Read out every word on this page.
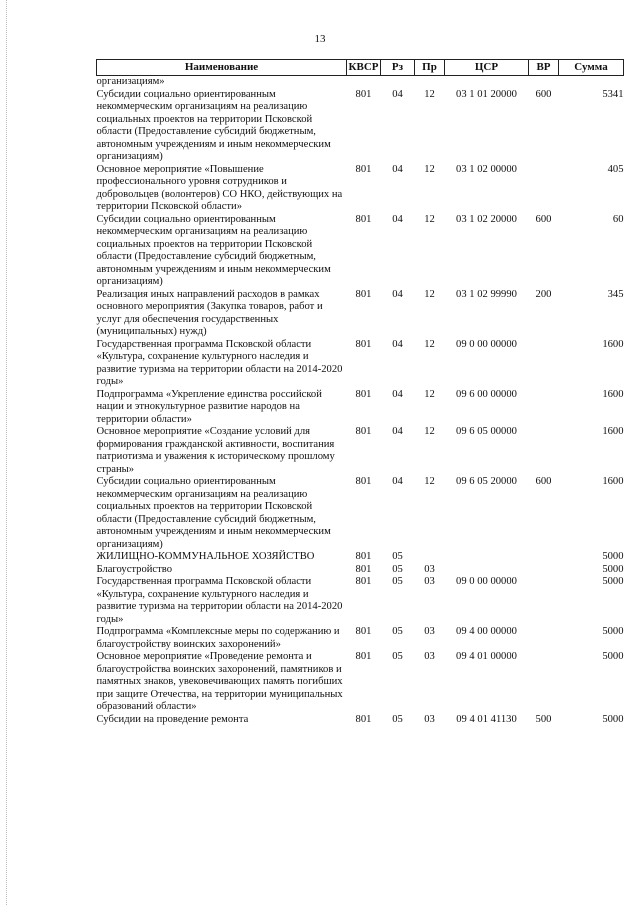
13
Наименование	КВСР	Рз	Пр	ЦСР	ВР	Сумма
организациям»						
Субсидии социально ориентированным некоммерческим организациям на реализацию социальных проектов на территории Псковской области (Предоставление субсидий бюджетным, автономным учреждениям и иным некоммерческим организациям)	801	04	12	03 1 01 20000	600	5341
Основное мероприятие «Повышение профессионального уровня сотрудников и добровольцев (волонтеров) СО НКО, действующих на территории Псковской области»	801	04	12	03 1 02 00000		405
Субсидии социально ориентированным некоммерческим организациям на реализацию социальных проектов на территории Псковской области (Предоставление субсидий бюджетным, автономным учреждениям и иным некоммерческим организациям)	801	04	12	03 1 02 20000	600	60
Реализация иных направлений расходов в рамках основного мероприятия (Закупка товаров, работ и услуг для обеспечения государственных (муниципальных) нужд)	801	04	12	03 1 02 99990	200	345
Государственная программа Псковской области «Культура, сохранение культурного наследия и развитие туризма на территории области на 2014-2020 годы»	801	04	12	09 0 00 00000		1600
Подпрограмма «Укрепление единства российской нации и этнокультурное развитие народов на территории области»	801	04	12	09 6 00 00000		1600
Основное мероприятие «Создание условий для формирования гражданской активности, воспитания патриотизма и уважения к историческому прошлому страны»	801	04	12	09 6 05 00000		1600
Субсидии социально ориентированным некоммерческим организациям на реализацию социальных проектов на территории Псковской области (Предоставление субсидий бюджетным, автономным учреждениям и иным некоммерческим организациям)	801	04	12	09 6 05 20000	600	1600
ЖИЛИЩНО-КОММУНАЛЬНОЕ ХОЗЯЙСТВО	801	05				5000
Благоустройство	801	05	03			5000
Государственная программа Псковской области «Культура, сохранение культурного наследия и развитие туризма на территории области на 2014-2020 годы»	801	05	03	09 0 00 00000		5000
Подпрограмма «Комплексные меры по содержанию и благоустройству воинских захоронений»	801	05	03	09 4 00 00000		5000
Основное мероприятие «Проведение ремонта и благоустройства воинских захоронений, памятников и памятных знаков, увековечивающих память погибших при защите Отечества, на территории муниципальных образований области»	801	05	03	09 4 01 00000		5000
Субсидии на проведение ремонта	801	05	03	09 4 01 41130	500	5000
